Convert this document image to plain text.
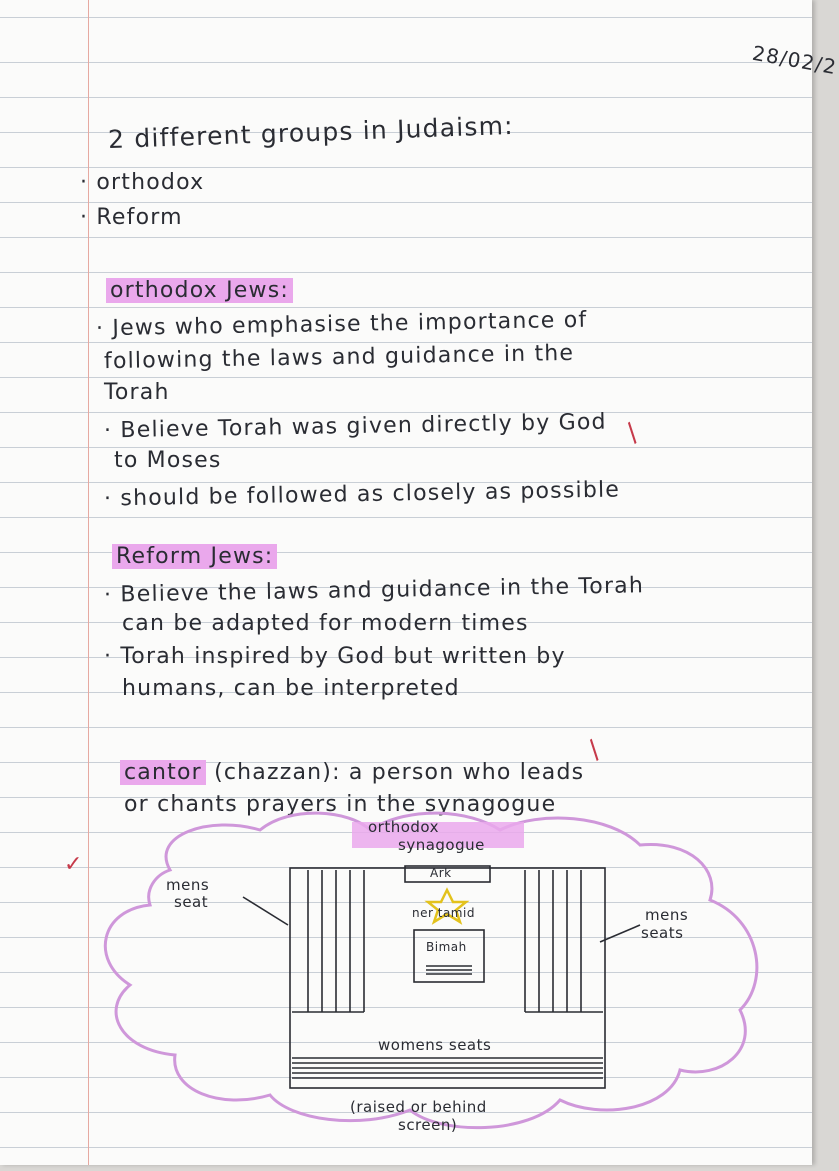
28/02/2
2 different groups in Judaism:
· orthodox
· Reform
orthodox Jews:
· Jews who emphasise the importance of
following the laws and guidance in the
Torah
· Believe Torah was given directly by God
to Moses
· should be followed as closely as possible
/
Reform Jews:
· Believe the laws and guidance in the Torah
can be adapted for modern times
· Torah inspired by God but written by
humans, can be interpreted
cantor (chazzan): a person who leads
or chants prayers in the synagogue
/
✓
orthodox
synagogue
Ark
ner tamid
Bimah
mens
seat
mens
seats
womens seats
(raised or behind
screen)
